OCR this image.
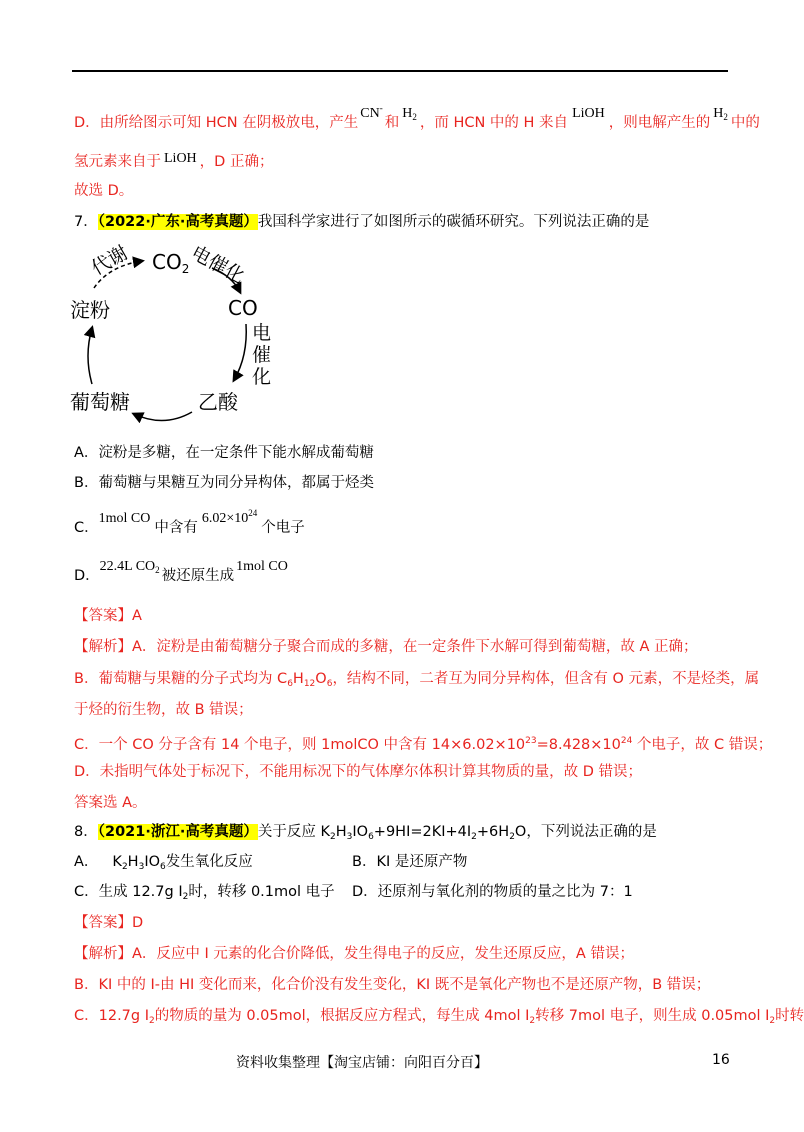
D．由所给图示可知 HCN 在阴极放电，产生CN-和$H_2$ ，而 HCN 中的 H 来自LiOH，则电解产生的$H_2$ 中的
氢元素来自于 LiOH ，D 正确；
故选 D。
7．（2022·广东·高考真题）我国科学家进行了如图所示的碳循环研究。下列说法正确的是
$CO_2$
CO
乙酸
葡萄糖
淀粉
代谢	电催化
电催化
A．淀粉是多糖，在一定条件下能水解成葡萄糖
B．葡萄糖与果糖互为同分异构体，都属于烃类
C．1mol CO中含有$6.02\times 10^{24}$个电子
D．22.4L $CO_2$ 被还原生成1mol CO
【答案】A
【解析】A．淀粉是由葡萄糖分子聚合而成的多糖，在一定条件下水解可得到葡萄糖，故 A 正确；
B．葡萄糖与果糖的分子式均为 $C_6H_{12}O_6$，结构不同，二者互为同分异构体，但含有 O 元素，不是烃类，属
于烃的衍生物，故 B 错误；
C．一个 CO 分子含有 14 个电子，则 1molCO 中含有 $14\times 6.02\times 10^{23}=8.428\times 10^{24}$ 个电子，故 C 错误；
D．未指明气体处于标况下，不能用标况下的气体摩尔体积计算其物质的量，故 D 错误；
答案选 A。
8．（2021·浙江·高考真题）关于反应 $K_2H_3IO_6+9HI=2KI+4I_2+6H_2O$，下列说法正确的是
A． $K_2H_3IO_6$发生氧化反应	B．KI 是还原产物
C．生成 12.7g $I_2$时，转移 0.1mol 电子 D．还原剂与氧化剂的物质的量之比为 7：1
【答案】D
【解析】A．反应中 I 元素的化合价降低，发生得电子的反应，发生还原反应，A 错误；
B．KI 中的 I-由 HI 变化而来，化合价没有发生变化，KI 既不是氧化产物也不是还原产物，B 错误；
C．12.7g $I_2$的物质的量为 0.05mol，根据反应方程式，每生成 4mol $I_2$转移 7mol 电子，则生成 0.05mol $I_2$时转
资料收集整理【淘宝店铺：向阳百分百】	16
